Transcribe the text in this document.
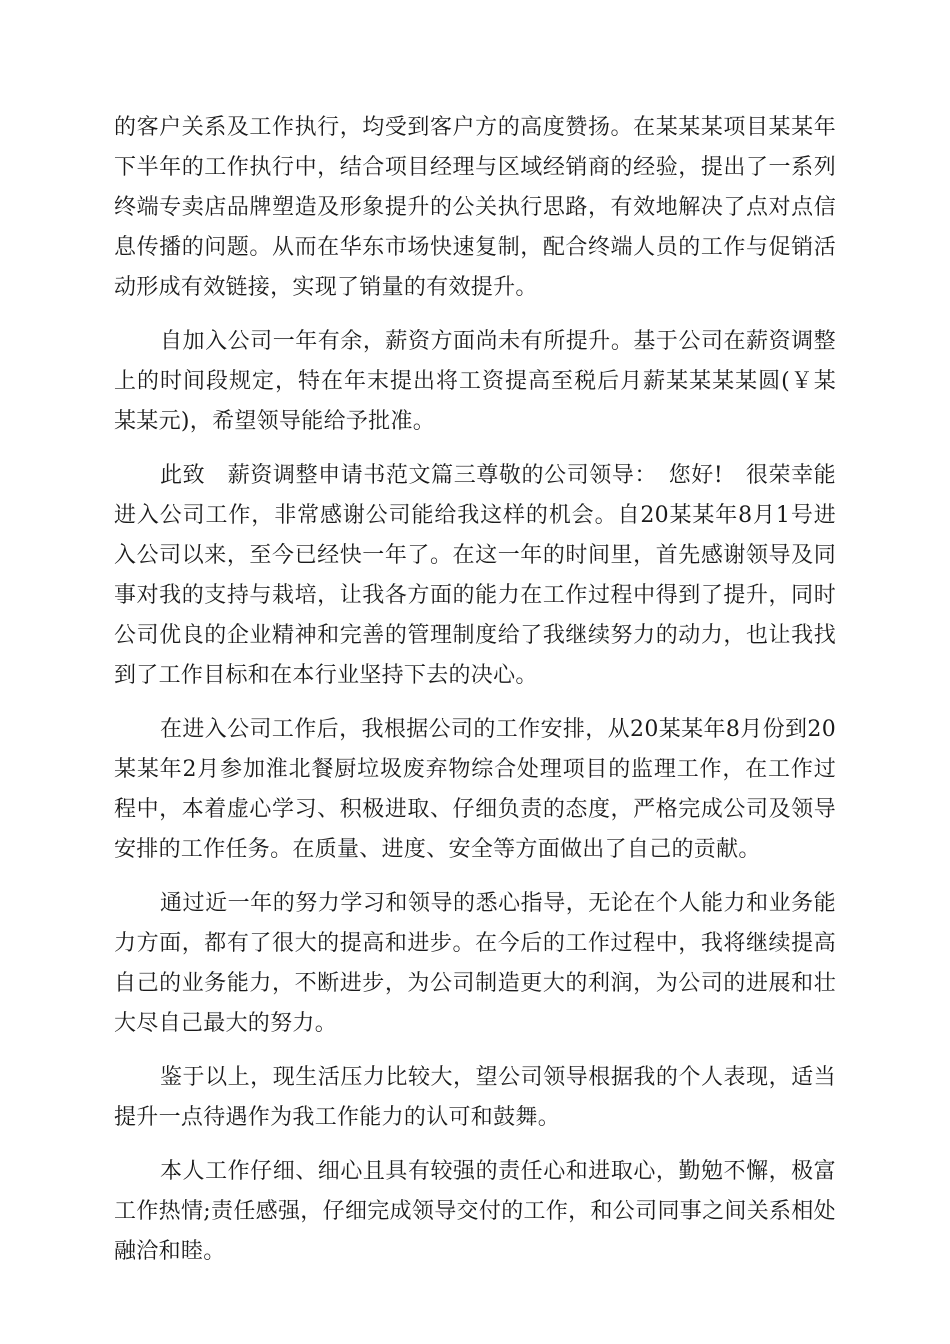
的客户关系及工作执行，均受到客户方的高度赞扬。在某某某项目某某年下半年的工作执行中，结合项目经理与区域经销商的经验，提出了一系列终端专卖店品牌塑造及形象提升的公关执行思路，有效地解决了点对点信息传播的问题。从而在华东市场快速复制，配合终端人员的工作与促销活动形成有效链接，实现了销量的有效提升。

自加入公司一年有余，薪资方面尚未有所提升。基于公司在薪资调整上的时间段规定，特在年末提出将工资提高至税后月薪某某某某圆(￥某某某元)，希望领导能给予批准。

此致　薪资调整申请书范文篇三尊敬的公司领导：　您好!　很荣幸能进入公司工作，非常感谢公司能给我这样的机会。自20某某年8月1号进入公司以来，至今已经快一年了。在这一年的时间里，首先感谢领导及同事对我的支持与栽培，让我各方面的能力在工作过程中得到了提升，同时公司优良的企业精神和完善的管理制度给了我继续努力的动力，也让我找到了工作目标和在本行业坚持下去的决心。

在进入公司工作后，我根据公司的工作安排，从20某某年8月份到20某某年2月参加淮北餐厨垃圾废弃物综合处理项目的监理工作，在工作过程中，本着虚心学习、积极进取、仔细负责的态度，严格完成公司及领导安排的工作任务。在质量、进度、安全等方面做出了自己的贡献。

通过近一年的努力学习和领导的悉心指导，无论在个人能力和业务能力方面，都有了很大的提高和进步。在今后的工作过程中，我将继续提高自己的业务能力，不断进步，为公司制造更大的利润，为公司的进展和壮大尽自己最大的努力。

鉴于以上，现生活压力比较大，望公司领导根据我的个人表现，适当提升一点待遇作为我工作能力的认可和鼓舞。

本人工作仔细、细心且具有较强的责任心和进取心，勤勉不懈，极富工作热情;责任感强，仔细完成领导交付的工作，和公司同事之间关系相处融洽和睦。
